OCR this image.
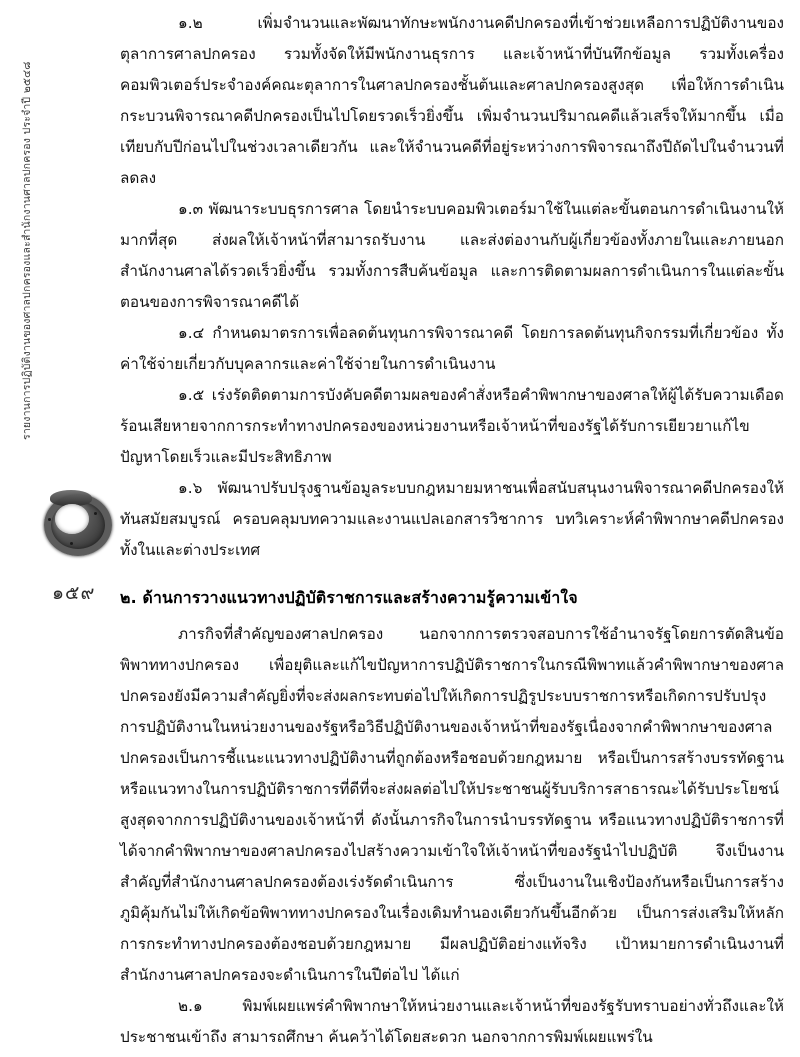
รายงานการปฏิบัติงานของศาลปกครองและสำนักงานศาลปกครอง ประจำปี ๒๕๔๘
๑๕๙

๑.๒ เพิ่มจำนวนและพัฒนาทักษะพนักงานคดีปกครองที่เข้าช่วยเหลือการปฏิบัติงานของตุลาการศาลปกครอง รวมทั้งจัดให้มีพนักงานธุรการ และเจ้าหน้าที่บันทึกข้อมูล รวมทั้งเครื่องคอมพิวเตอร์ประจำองค์คณะตุลาการในศาลปกครองชั้นต้นและศาลปกครองสูงสุด เพื่อให้การดำเนินกระบวนพิจารณาคดีปกครองเป็นไปโดยรวดเร็วยิ่งขึ้น เพิ่มจำนวนปริมาณคดีแล้วเสร็จให้มากขึ้น เมื่อเทียบกับปีก่อนไปในช่วงเวลาเดียวกัน และให้จำนวนคดีที่อยู่ระหว่างการพิจารณาถึงปีถัดไปในจำนวนที่ลดลง

๑.๓ พัฒนาระบบธุรการศาล โดยนำระบบคอมพิวเตอร์มาใช้ในแต่ละขั้นตอนการดำเนินงานให้มากที่สุด ส่งผลให้เจ้าหน้าที่สามารถรับงาน และส่งต่องานกับผู้เกี่ยวข้องทั้งภายในและภายนอกสำนักงานศาลได้รวดเร็วยิ่งขึ้น รวมทั้งการสืบค้นข้อมูล และการติดตามผลการดำเนินการในแต่ละขั้นตอนของการพิจารณาคดีได้

๑.๔ กำหนดมาตรการเพื่อลดต้นทุนการพิจารณาคดี โดยการลดต้นทุนกิจกรรมที่เกี่ยวข้อง ทั้งค่าใช้จ่ายเกี่ยวกับบุคลากรและค่าใช้จ่ายในการดำเนินงาน

๑.๕ เร่งรัดติดตามการบังคับคดีตามผลของคำสั่งหรือคำพิพากษาของศาลให้ผู้ได้รับความเดือดร้อนเสียหายจากการกระทำทางปกครองของหน่วยงานหรือเจ้าหน้าที่ของรัฐได้รับการเยียวยาแก้ไขปัญหาโดยเร็วและมีประสิทธิภาพ

๑.๖ พัฒนาปรับปรุงฐานข้อมูลระบบกฎหมายมหาชนเพื่อสนับสนุนงานพิจารณาคดีปกครองให้ทันสมัยสมบูรณ์ ครอบคลุมบทความและงานแปลเอกสารวิชาการ บทวิเคราะห์คำพิพากษาคดีปกครองทั้งในและต่างประเทศ

๒. ด้านการวางแนวทางปฏิบัติราชการและสร้างความรู้ความเข้าใจ

ภารกิจที่สำคัญของศาลปกครอง นอกจากการตรวจสอบการใช้อำนาจรัฐโดยการตัดสินข้อพิพาททางปกครอง เพื่อยุติและแก้ไขปัญหาการปฏิบัติราชการในกรณีพิพาทแล้วคำพิพากษาของศาลปกครองยังมีความสำคัญยิ่งที่จะส่งผลกระทบต่อไปให้เกิดการปฏิรูประบบราชการหรือเกิดการปรับปรุงการปฏิบัติงานในหน่วยงานของรัฐหรือวิธีปฏิบัติงานของเจ้าหน้าที่ของรัฐเนื่องจากคำพิพากษาของศาลปกครองเป็นการชี้แนะแนวทางปฏิบัติงานที่ถูกต้องหรือชอบด้วยกฎหมาย หรือเป็นการสร้างบรรทัดฐานหรือแนวทางในการปฏิบัติราชการที่ดีที่จะส่งผลต่อไปให้ประชาชนผู้รับบริการสาธารณะได้รับประโยชน์สูงสุดจากการปฏิบัติงานของเจ้าหน้าที่ ดังนั้นภารกิจในการนำบรรทัดฐาน หรือแนวทางปฏิบัติราชการที่ได้จากคำพิพากษาของศาลปกครองไปสร้างความเข้าใจให้เจ้าหน้าที่ของรัฐนำไปปฏิบัติ จึงเป็นงานสำคัญที่สำนักงานศาลปกครองต้องเร่งรัดดำเนินการ ซึ่งเป็นงานในเชิงป้องกันหรือเป็นการสร้างภูมิคุ้มกันไม่ให้เกิดข้อพิพาททางปกครองในเรื่องเดิมทำนองเดียวกันขึ้นอีกด้วย เป็นการส่งเสริมให้หลักการกระทำทางปกครองต้องชอบด้วยกฎหมาย มีผลปฏิบัติอย่างแท้จริง เป้าหมายการดำเนินงานที่สำนักงานศาลปกครองจะดำเนินการในปีต่อไป ได้แก่

๒.๑ พิมพ์เผยแพร่คำพิพากษาให้หน่วยงานและเจ้าหน้าที่ของรัฐรับทราบอย่างทั่วถึงและให้ประชาชนเข้าถึง สามารถศึกษา ค้นคว้าได้โดยสะดวก นอกจากการพิมพ์เผยแพร่ใน
